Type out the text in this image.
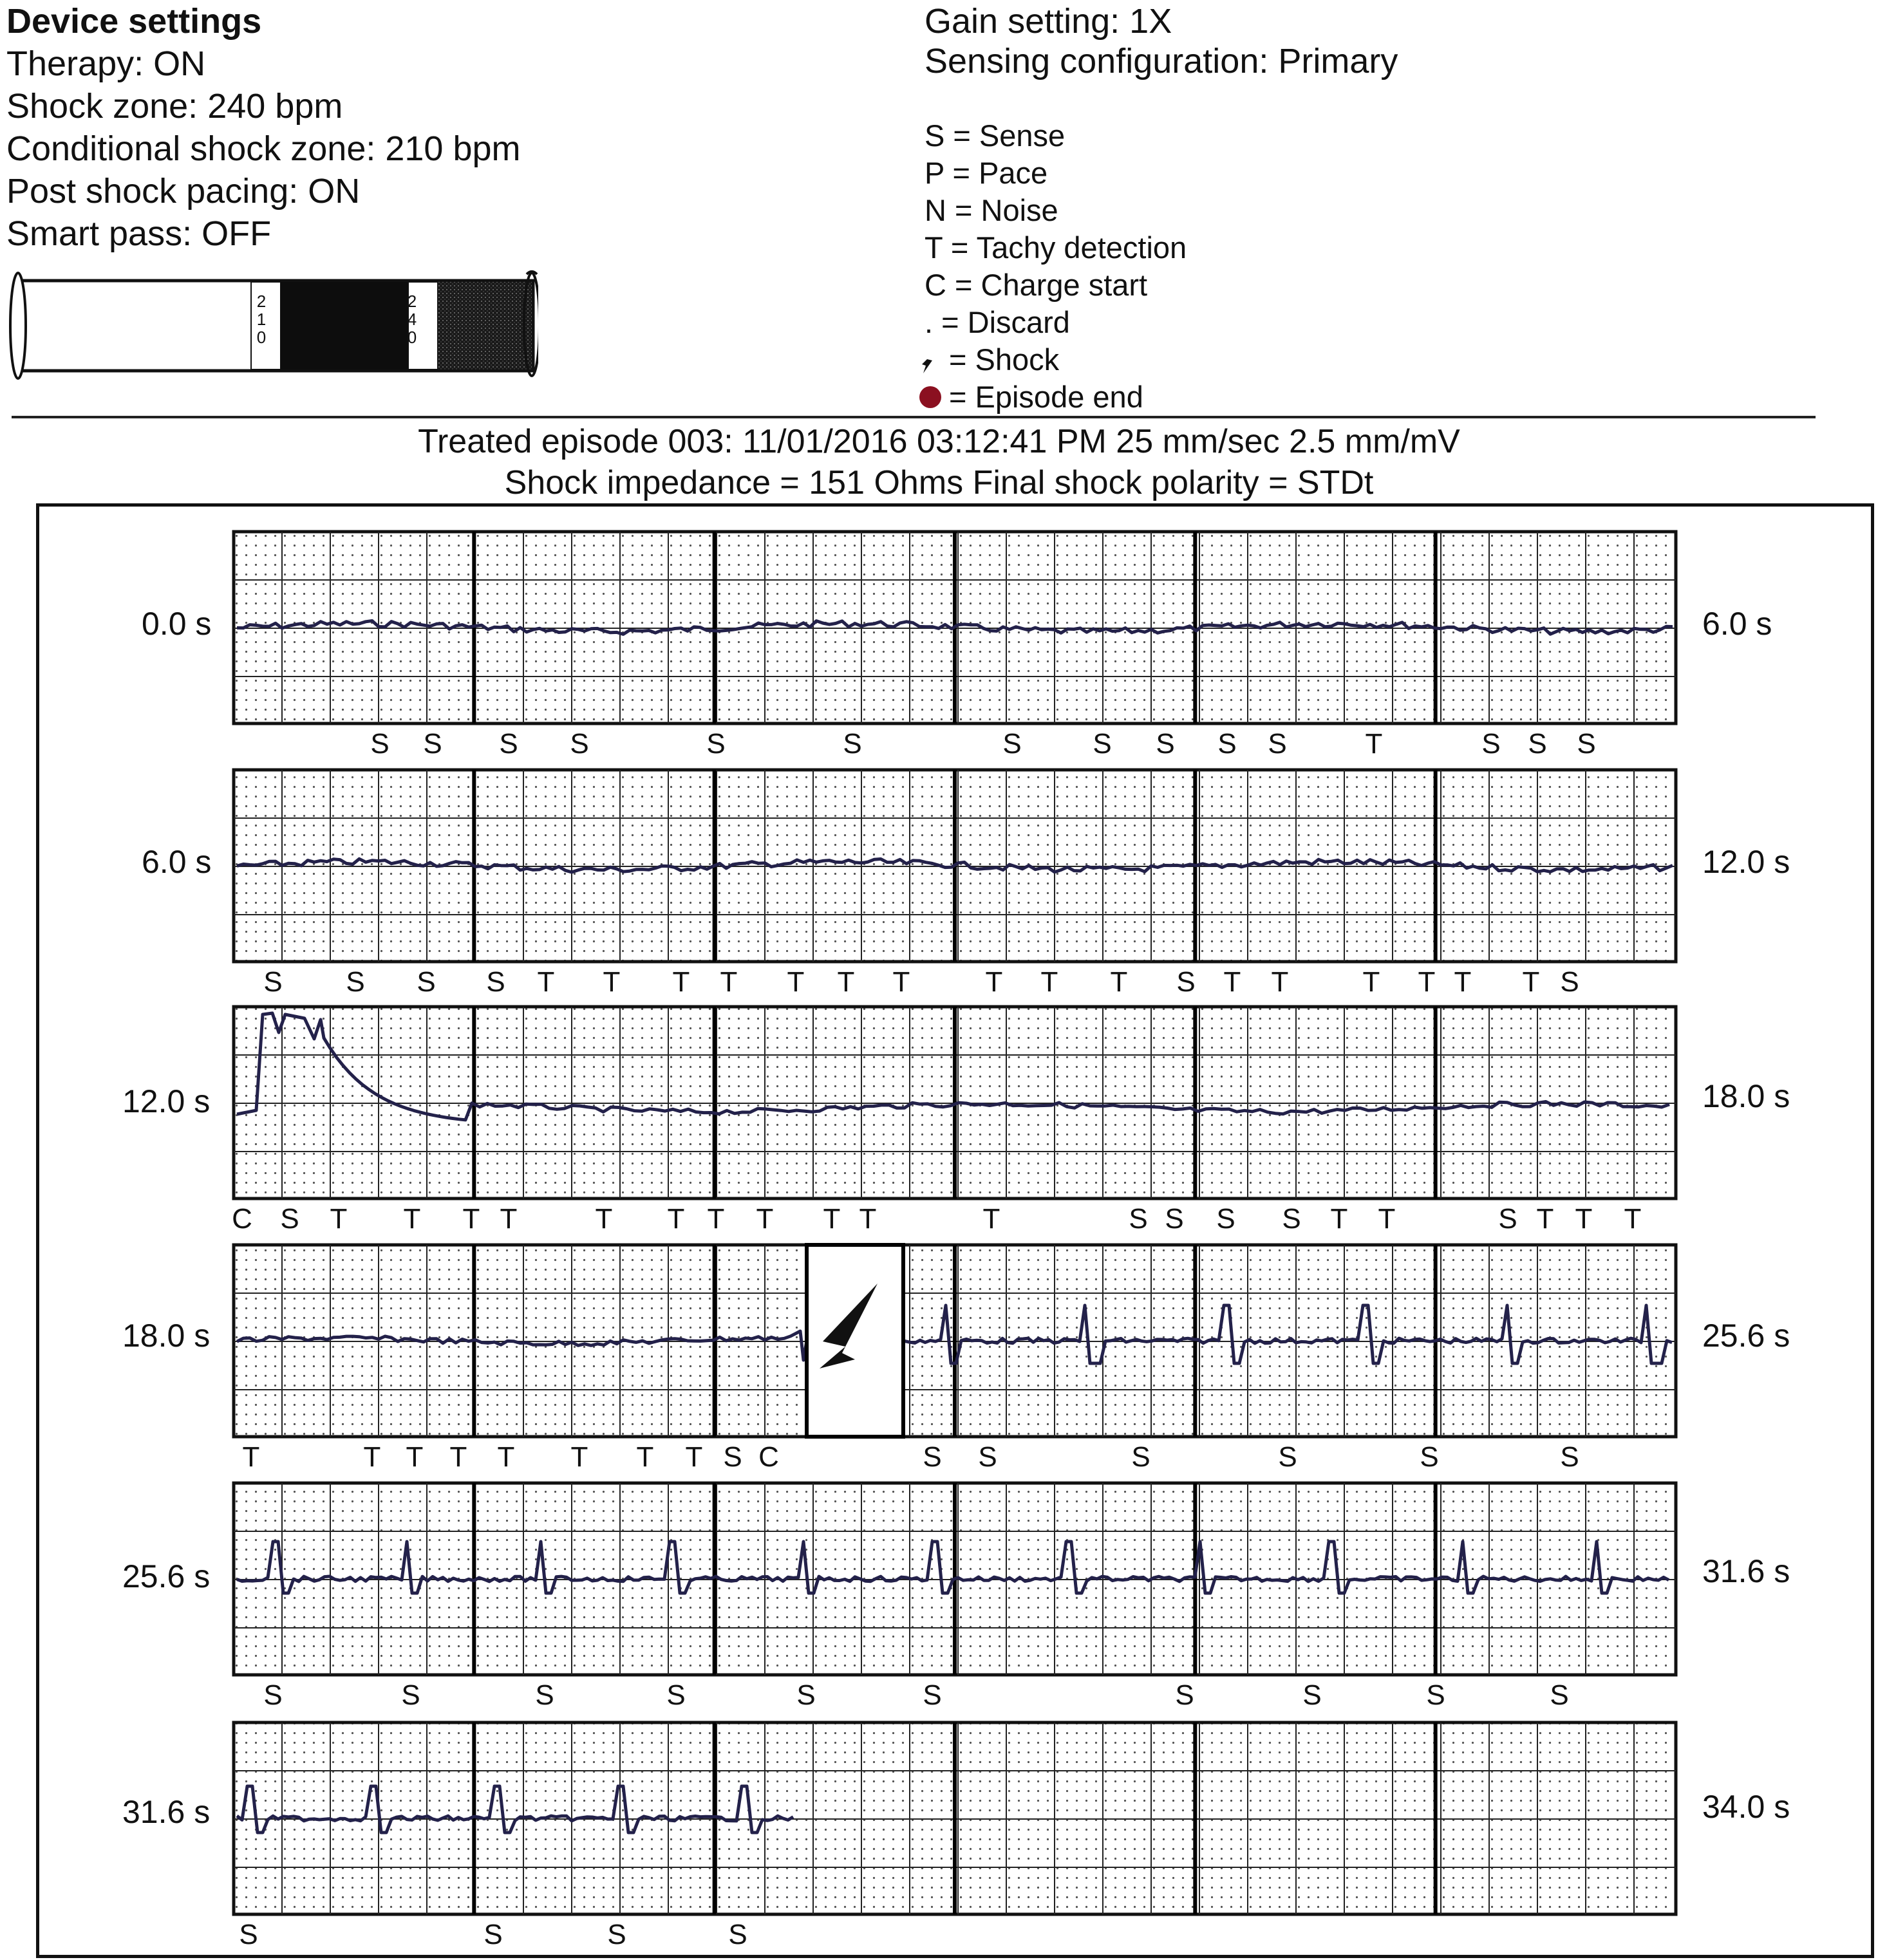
Device settings
Therapy: ON
Shock zone: 240 bpm
Conditional shock zone: 210 bpm
Post shock pacing: ON
Smart pass: OFF
210
240
Gain setting: 1X
Sensing configuration: Primary
S = Sense
P = Pace
N = Noise
T = Tachy detection
C = Charge start
. = Discard
= Shock
= Episode end
Treated episode 003: 11/01/2016 03:12:41 PM 25 mm/sec 2.5 mm/mV
Shock impedance = 151 Ohms Final shock polarity = STDt
0.0 s	6.0 s
6.0 s	12.0 s
12.0 s	18.0 s
18.0 s	25.6 s
25.6 s	31.6 s
31.6 s	34.0 s
S S S S	S	S	S	S S S S	T	S S S
S S S S T T T T T T T	T T T S T T	T T T T S
C S T T T T	T T T T T T	T	S S S S T T	S T T T
T	T T T T T T T S C	S S	S	S	S	S
S	S	S	S	S	S	S	S	S	S
S	S	S	S
